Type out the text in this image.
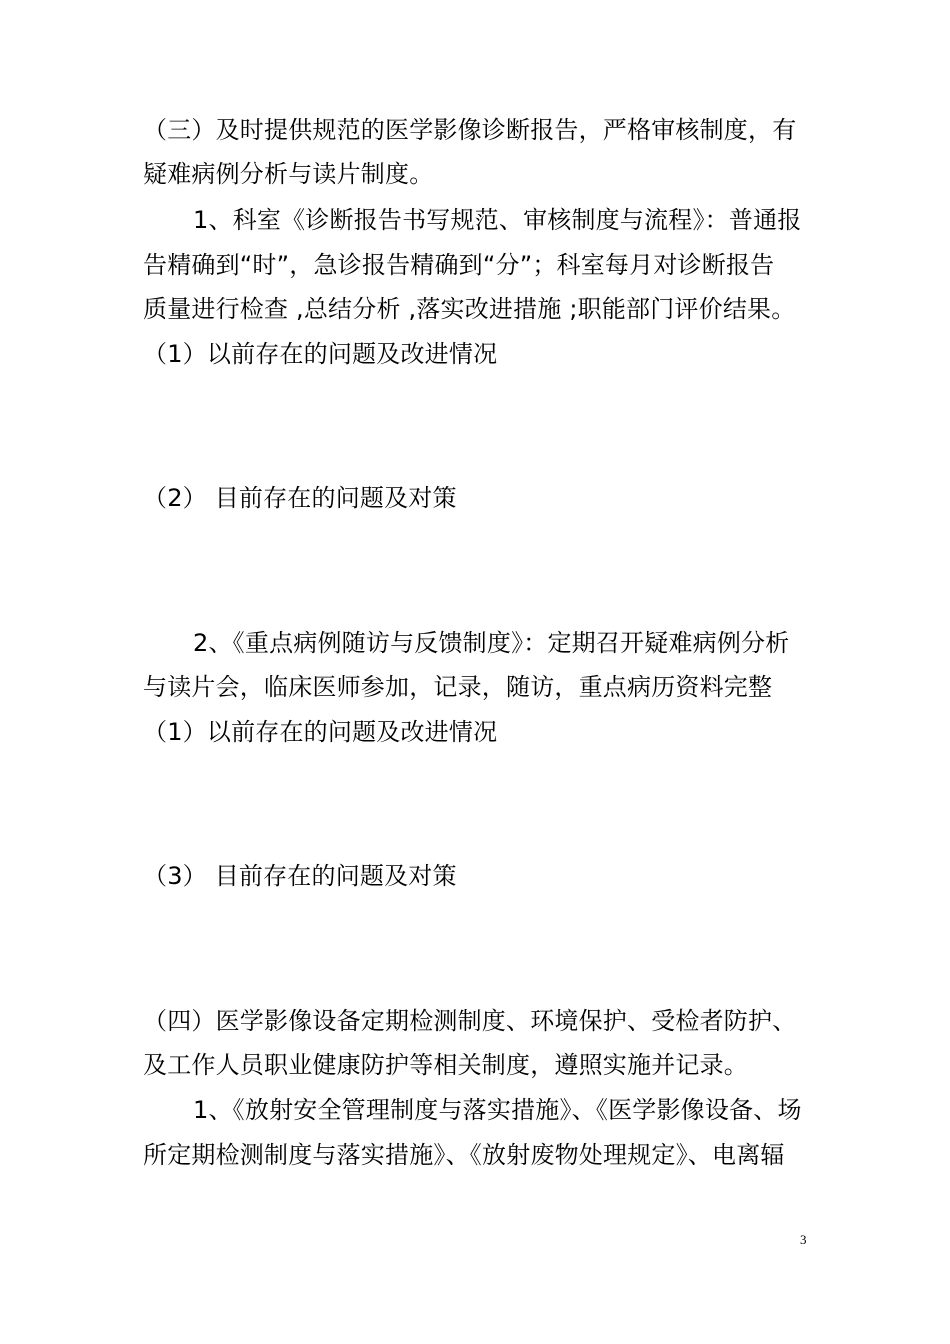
（三）及时提供规范的医学影像诊断报告，严格审核制度，有
疑难病例分析与读片制度。
1、科室《诊断报告书写规范、审核制度与流程》：普通报
告精确到“时”，急诊报告精确到“分”；科室每月对诊断报告
质量进行检查 ,总结分析 ,落实改进措施 ;职能部门评价结果。
（1）以前存在的问题及改进情况
（2） 目前存在的问题及对策
2、《重点病例随访与反馈制度》：定期召开疑难病例分析
与读片会，临床医师参加，记录，随访，重点病历资料完整
（1）以前存在的问题及改进情况
（3） 目前存在的问题及对策
（四）医学影像设备定期检测制度、环境保护、受检者防护、
及工作人员职业健康防护等相关制度，遵照实施并记录。
1、《放射安全管理制度与落实措施》、《医学影像设备、场
所定期检测制度与落实措施》、《放射废物处理规定》、电离辐
3
